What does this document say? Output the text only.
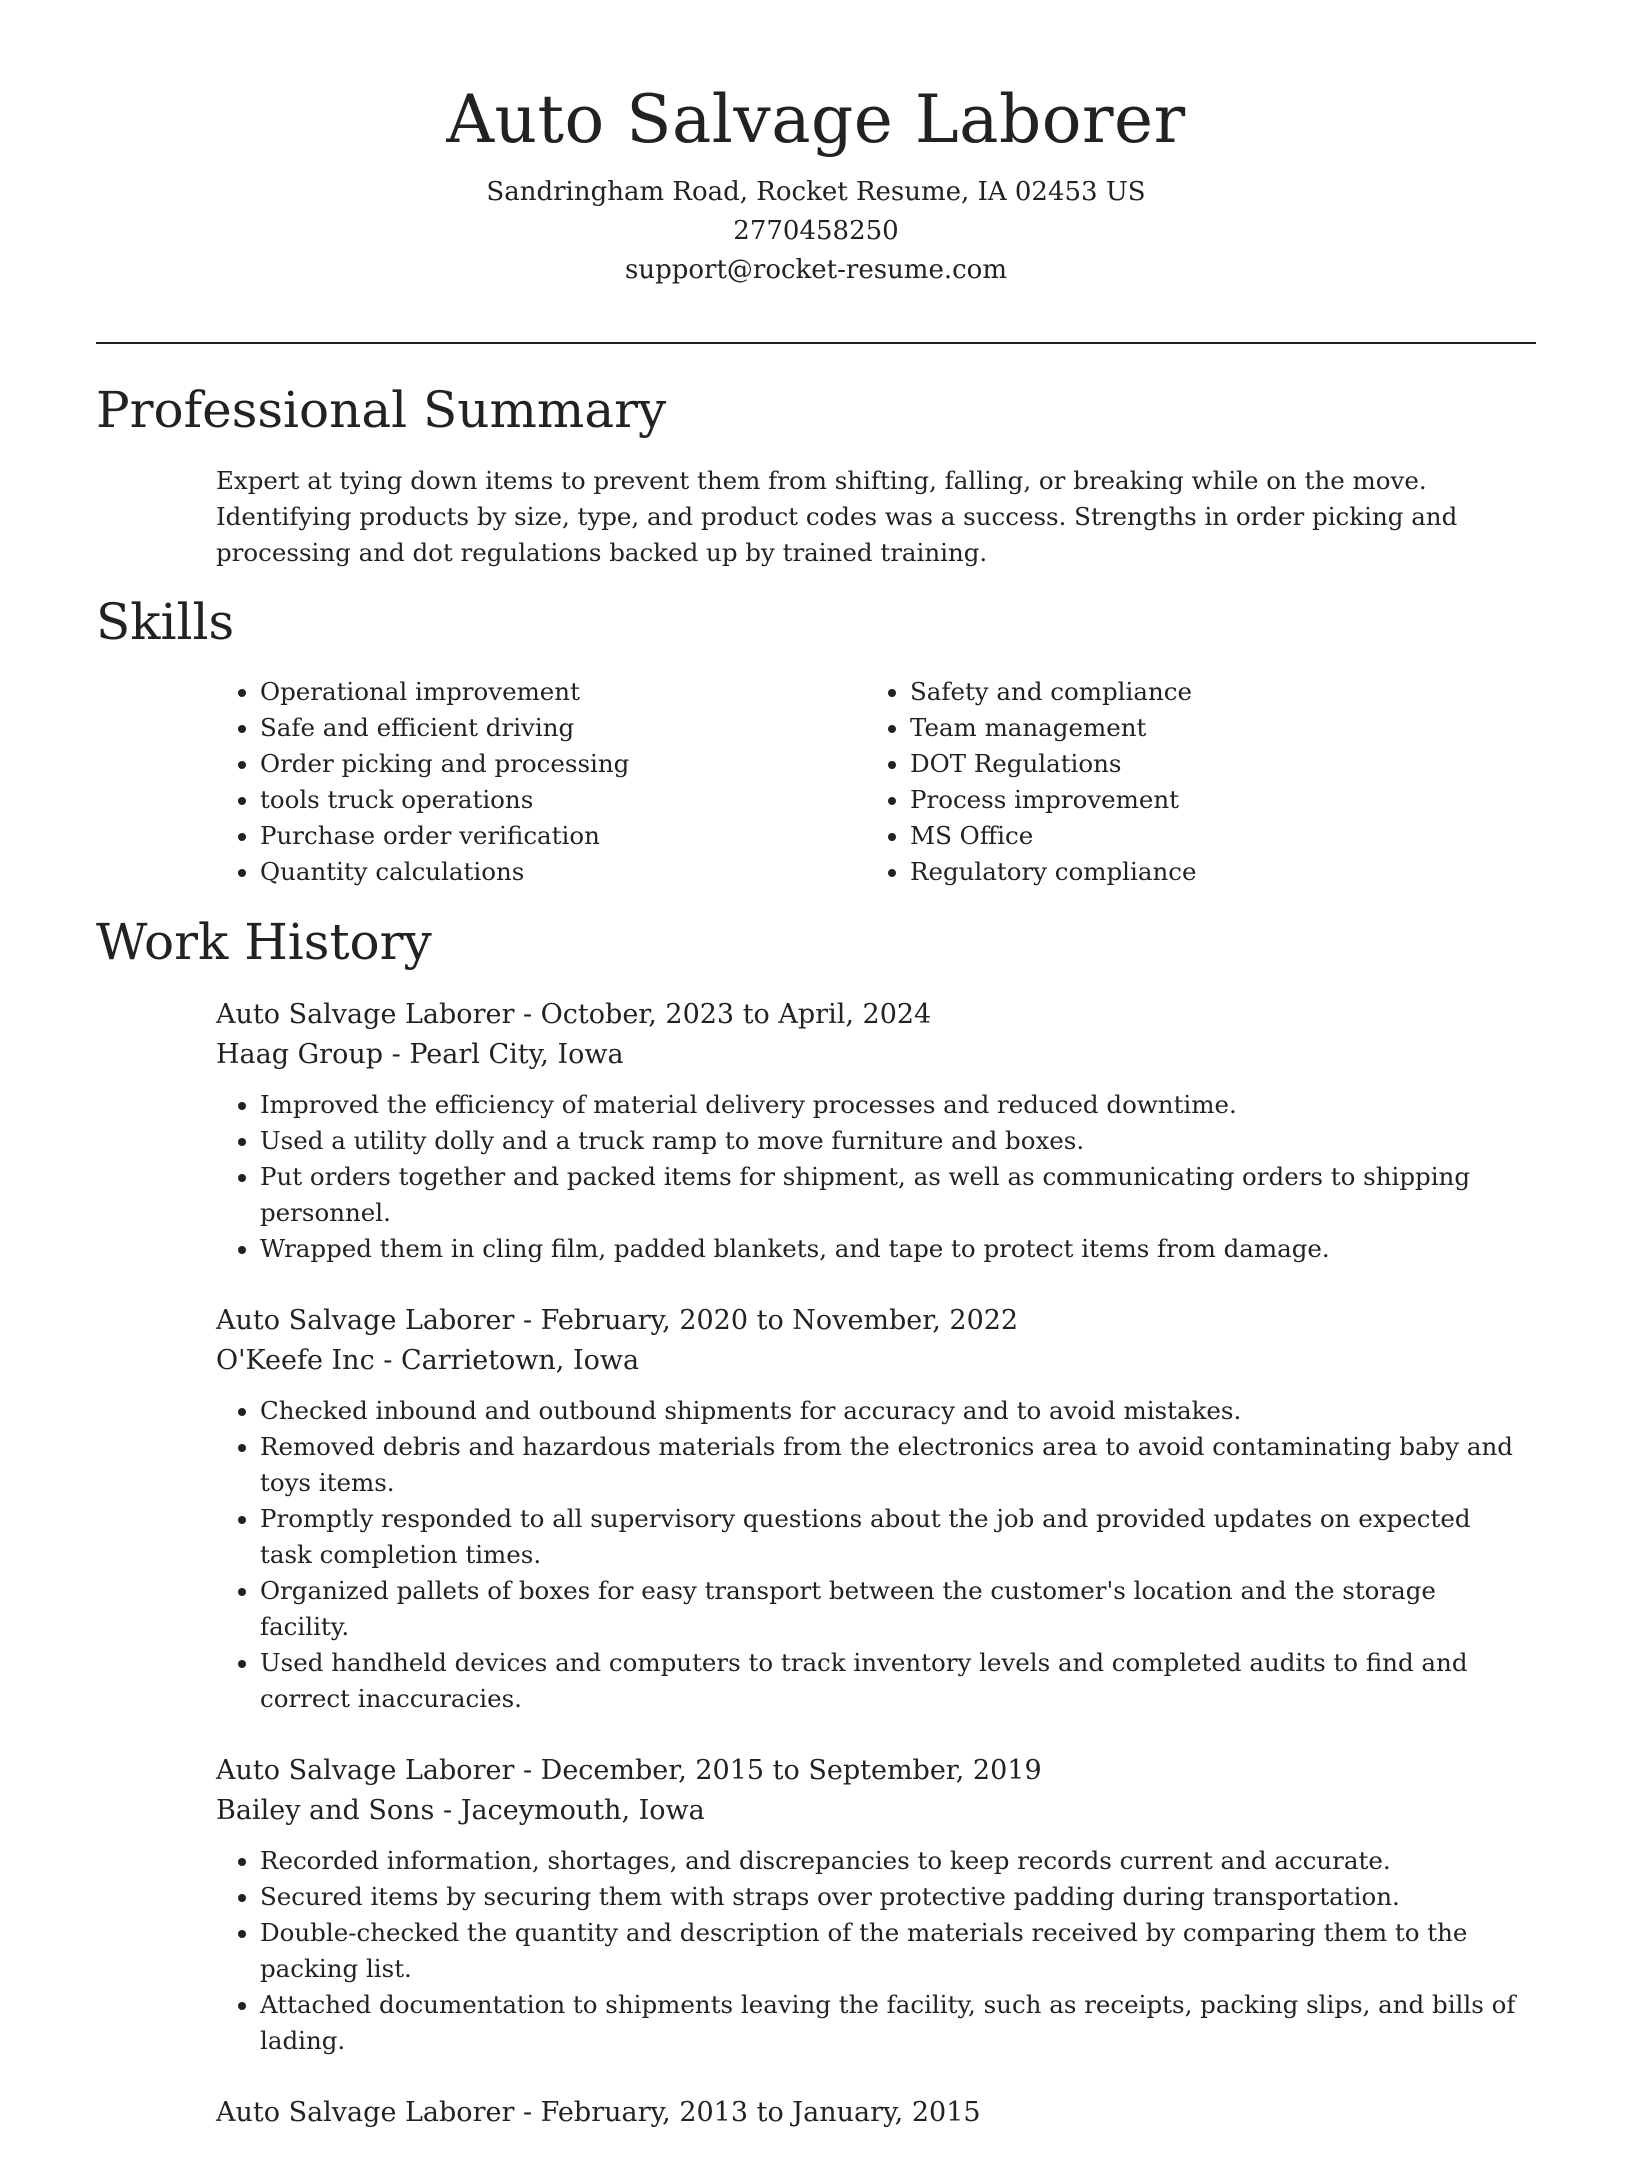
Auto Salvage Laborer
Sandringham Road, Rocket Resume, IA 02453 US
2770458250
support@rocket-resume.com
Professional Summary

Expert at tying down items to prevent them from shifting, falling, or breaking while on the move. Identifying products by size, type, and product codes was a success. Strengths in order picking and processing and dot regulations backed up by trained training.

Skills
• Operational improvement
• Safe and efficient driving
• Order picking and processing
• tools truck operations
• Purchase order verification
• Quantity calculations
• Safety and compliance
• Team management
• DOT Regulations
• Process improvement
• MS Office
• Regulatory compliance
Work History
Auto Salvage Laborer - October, 2023 to April, 2024
Haag Group - Pearl City, Iowa
• Improved the efficiency of material delivery processes and reduced downtime.
• Used a utility dolly and a truck ramp to move furniture and boxes.
• Put orders together and packed items for shipment, as well as communicating orders to shipping personnel.
• Wrapped them in cling film, padded blankets, and tape to protect items from damage.
Auto Salvage Laborer - February, 2020 to November, 2022
O'Keefe Inc - Carrietown, Iowa
• Checked inbound and outbound shipments for accuracy and to avoid mistakes.
• Removed debris and hazardous materials from the electronics area to avoid contaminating baby and toys items.
• Promptly responded to all supervisory questions about the job and provided updates on expected task completion times.
• Organized pallets of boxes for easy transport between the customer's location and the storage facility.
• Used handheld devices and computers to track inventory levels and completed audits to find and correct inaccuracies.
Auto Salvage Laborer - December, 2015 to September, 2019
Bailey and Sons - Jaceymouth, Iowa
• Recorded information, shortages, and discrepancies to keep records current and accurate.
• Secured items by securing them with straps over protective padding during transportation.
• Double-checked the quantity and description of the materials received by comparing them to the packing list.
• Attached documentation to shipments leaving the facility, such as receipts, packing slips, and bills of lading.
Auto Salvage Laborer - February, 2013 to January, 2015
